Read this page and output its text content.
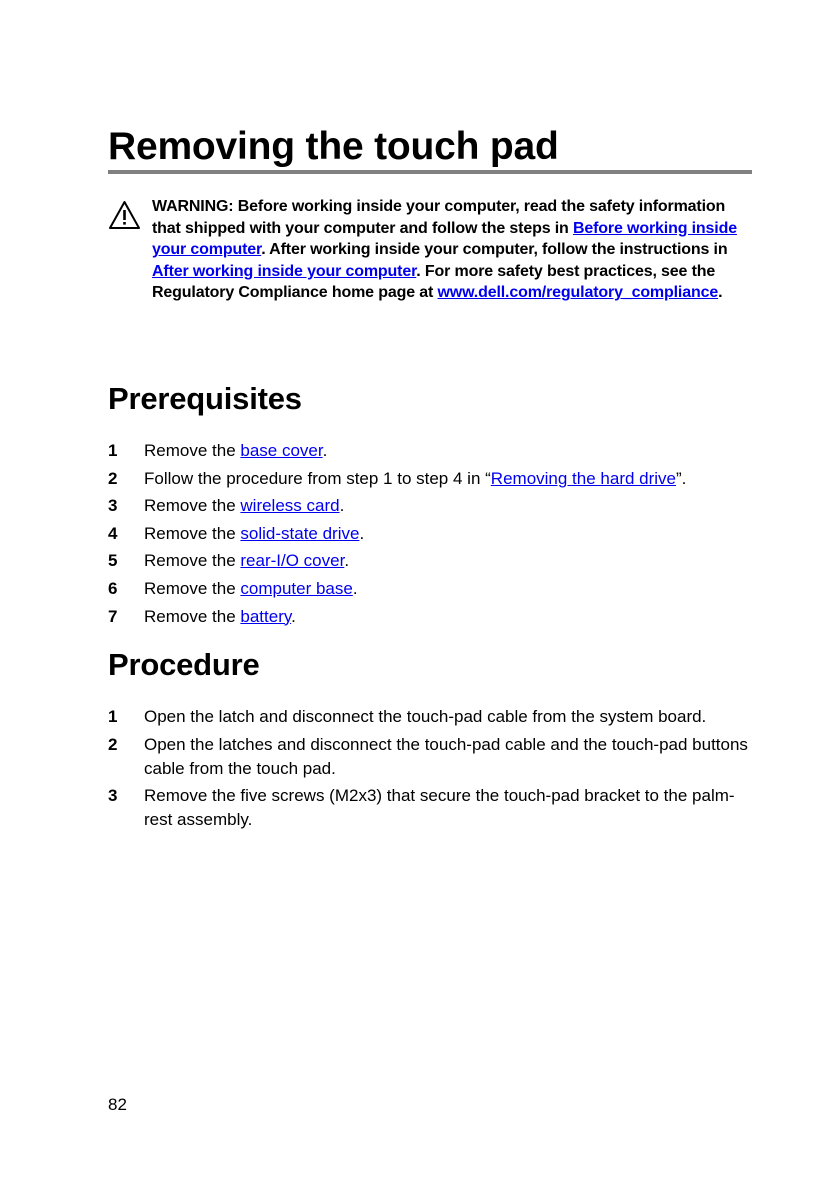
Removing the touch pad
WARNING: Before working inside your computer, read the safety information that shipped with your computer and follow the steps in Before working inside your computer. After working inside your computer, follow the instructions in After working inside your computer. For more safety best practices, see the Regulatory Compliance home page at www.dell.com/regulatory_compliance.
Prerequisites
1 Remove the base cover.
2 Follow the procedure from step 1 to step 4 in “Removing the hard drive”.
3 Remove the wireless card.
4 Remove the solid-state drive.
5 Remove the rear-I/O cover.
6 Remove the computer base.
7 Remove the battery.
Procedure
1 Open the latch and disconnect the touch-pad cable from the system board.
2 Open the latches and disconnect the touch-pad cable and the touch-pad buttons cable from the touch pad.
3 Remove the five screws (M2x3) that secure the touch-pad bracket to the palm-rest assembly.
82
